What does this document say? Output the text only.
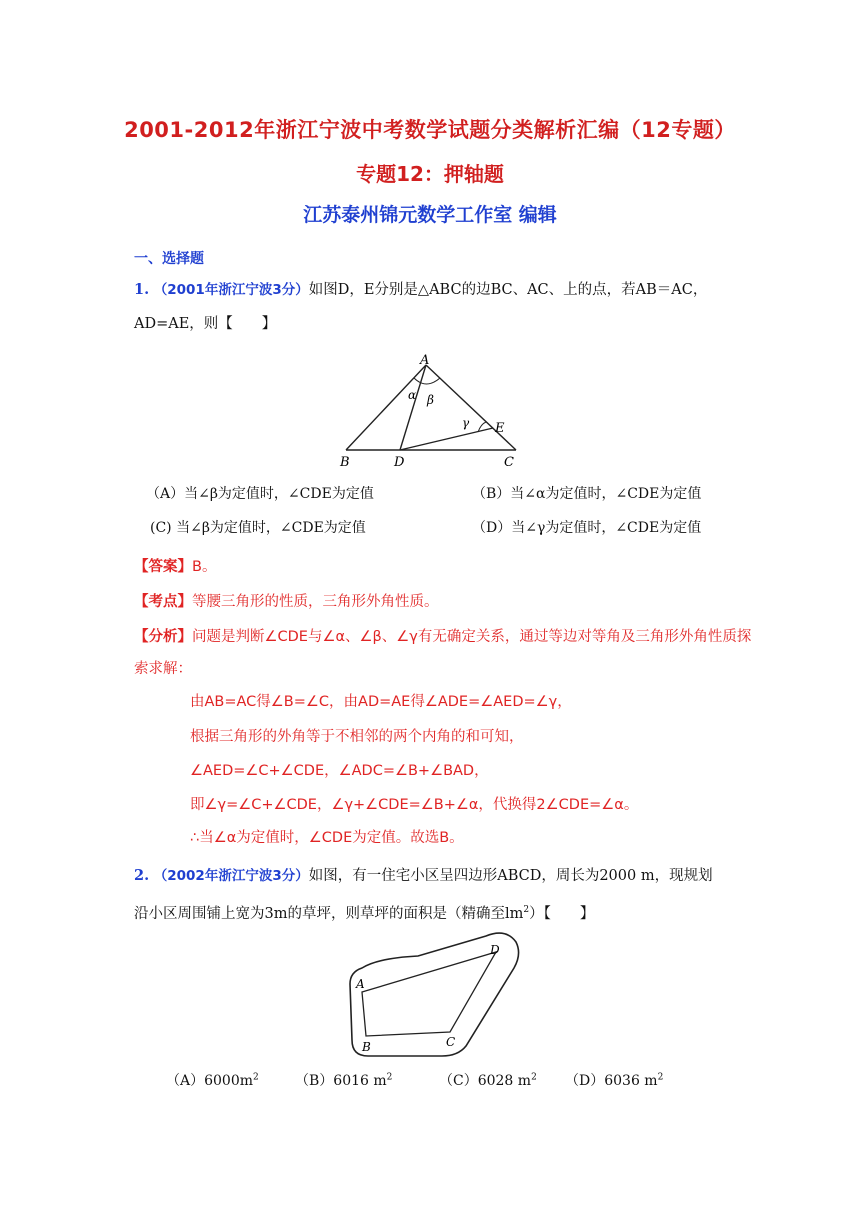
2001-2012年浙江宁波中考数学试题分类解析汇编（12专题）
专题12：押轴题
江苏泰州锦元数学工作室 编辑
一、选择题
1. （2001年浙江宁波3分）如图D，E分别是△ABC的边BC、AC、上的点，若AB＝AC，
AD=AE，则【　　】
A
B	C
D
E
α β
γ
（A）当∠β为定值时，∠CDE为定值	（B）当∠α为定值时，∠CDE为定值
(C) 当∠β为定值时，∠CDE为定值	（D）当∠γ为定值时，∠CDE为定值
【答案】B。
【考点】等腰三角形的性质，三角形外角性质。
【分析】问题是判断∠CDE与∠α、∠β、∠γ有无确定关系，通过等边对等角及三角形外角性质探
索求解：
由AB=AC得∠B=∠C，由AD=AE得∠ADE=∠AED=∠γ，
根据三角形的外角等于不相邻的两个内角的和可知，
∠AED=∠C+∠CDE，∠ADC=∠B+∠BAD，
即∠γ=∠C+∠CDE，∠γ+∠CDE=∠B+∠α，代换得2∠CDE=∠α。
∴当∠α为定值时，∠CDE为定值。故选B。
2. （2002年浙江宁波3分）如图，有一住宅小区呈四边形ABCD，周长为2000 m，现规划
沿小区周围铺上宽为3m的草坪，则草坪的面积是（精确至$lm^2$）【　　】
A
B	C
D
$(A)6000m^2$	（B）6016 $m^2$	（C）6028 $m^2$ （D）6036 $m^2$
